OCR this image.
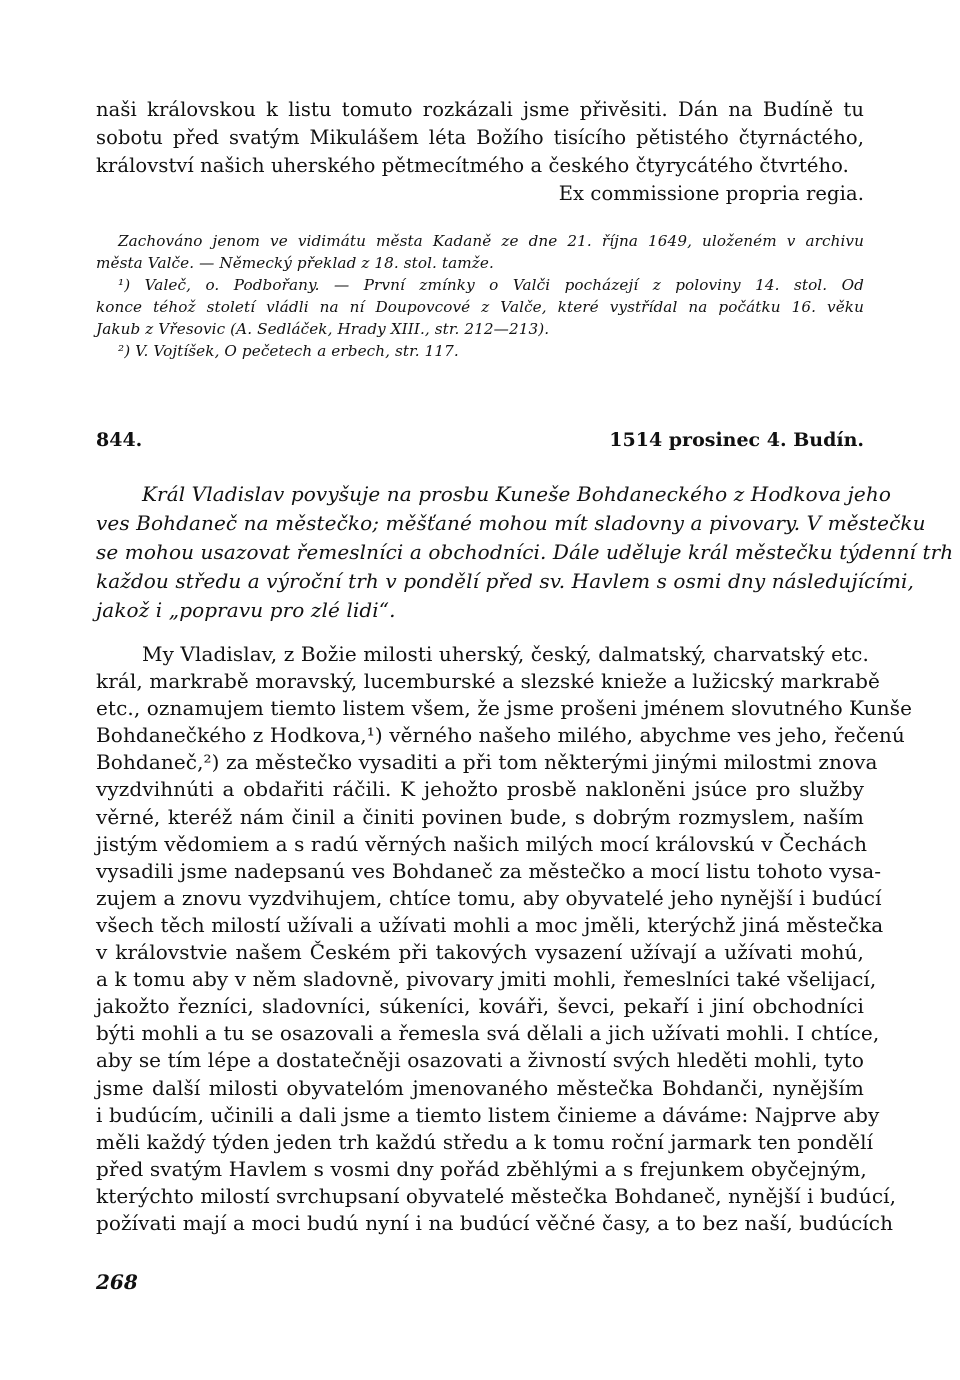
naši královskou k listu tomuto rozkázali jsme přivěsiti. Dán na Budíně tu
sobotu před svatým Mikulášem léta Božího tisícího pětistého čtyrnáctého,
království našich uherského pětmecítmého a českého čtyrycátého čtvrtého.
Ex commissione propria regia.
Zachováno jenom ve vidimátu města Kadaně ze dne 21. října 1649, uloženém v archivu
města Valče. — Německý překlad z 18. stol. tamže.
¹) Valeč, o. Podbořany. — První zmínky o Valči pocházejí z poloviny 14. stol. Od
konce téhož století vládli na ní Doupovcové z Valče, které vystřídal na počátku 16. věku
Jakub z Vřesovic (A. Sedláček, Hrady XIII., str. 212—213).
²) V. Vojtíšek, O pečetech a erbech, str. 117.
844.	1514 prosinec 4. Budín.
Král Vladislav povyšuje na prosbu Kuneše Bohdaneckého z Hodkova jeho
ves Bohdaneč na městečko; měšťané mohou mít sladovny a pivovary. V městečku
se mohou usazovat řemeslníci a obchodníci. Dále uděluje král městečku týdenní trh
každou středu a výroční trh v pondělí před sv. Havlem s osmi dny následujícími,
jakož i „popravu pro zlé lidi“.
My Vladislav, z Božie milosti uherský, český, dalmatský, charvatský etc.
král, markrabě moravský, lucemburské a slezské knieže a lužicský markrabě
etc., oznamujem tiemto listem všem, že jsme prošeni jménem slovutného Kunše
Bohdanečkého z Hodkova,¹) věrného našeho milého, abychme ves jeho, řečenú
Bohdaneč,²) za městečko vysaditi a při tom některými jinými milostmi znova
vyzdvihnúti a obdařiti ráčili. K jehožto prosbě nakloněni jsúce pro služby
věrné, kteréž nám činil a činiti povinen bude, s dobrým rozmyslem, naším
jistým vědomiem a s radú věrných našich milých mocí královskú v Čechách
vysadili jsme nadepsanú ves Bohdaneč za městečko a mocí listu tohoto vysa-
zujem a znovu vyzdvihujem, chtíce tomu, aby obyvatelé jeho nynější i budúcí
všech těch milostí užívali a užívati mohli a moc jměli, kterýchž jiná městečka
v královstvie našem Českém při takových vysazení užívají a užívati mohú,
a k tomu aby v něm sladovně, pivovary jmiti mohli, řemeslníci také všelijací,
jakožto řezníci, sladovníci, súkeníci, kováři, ševci, pekaří i jiní obchodníci
býti mohli a tu se osazovali a řemesla svá dělali a jich užívati mohli. I chtíce,
aby se tím lépe a dostatečněji osazovati a živností svých hleděti mohli, tyto
jsme další milosti obyvatelóm jmenovaného městečka Bohdanči, nynějším
i budúcím, učinili a dali jsme a tiemto listem činieme a dáváme: Najprve aby
měli každý týden jeden trh každú středu a k tomu roční jarmark ten pondělí
před svatým Havlem s vosmi dny pořád zběhlými a s frejunkem obyčejným,
kterýchto milostí svrchupsaní obyvatelé městečka Bohdaneč, nynější i budúcí,
požívati mají a moci budú nyní i na budúcí věčné časy, a to bez naší, budúcích
268
